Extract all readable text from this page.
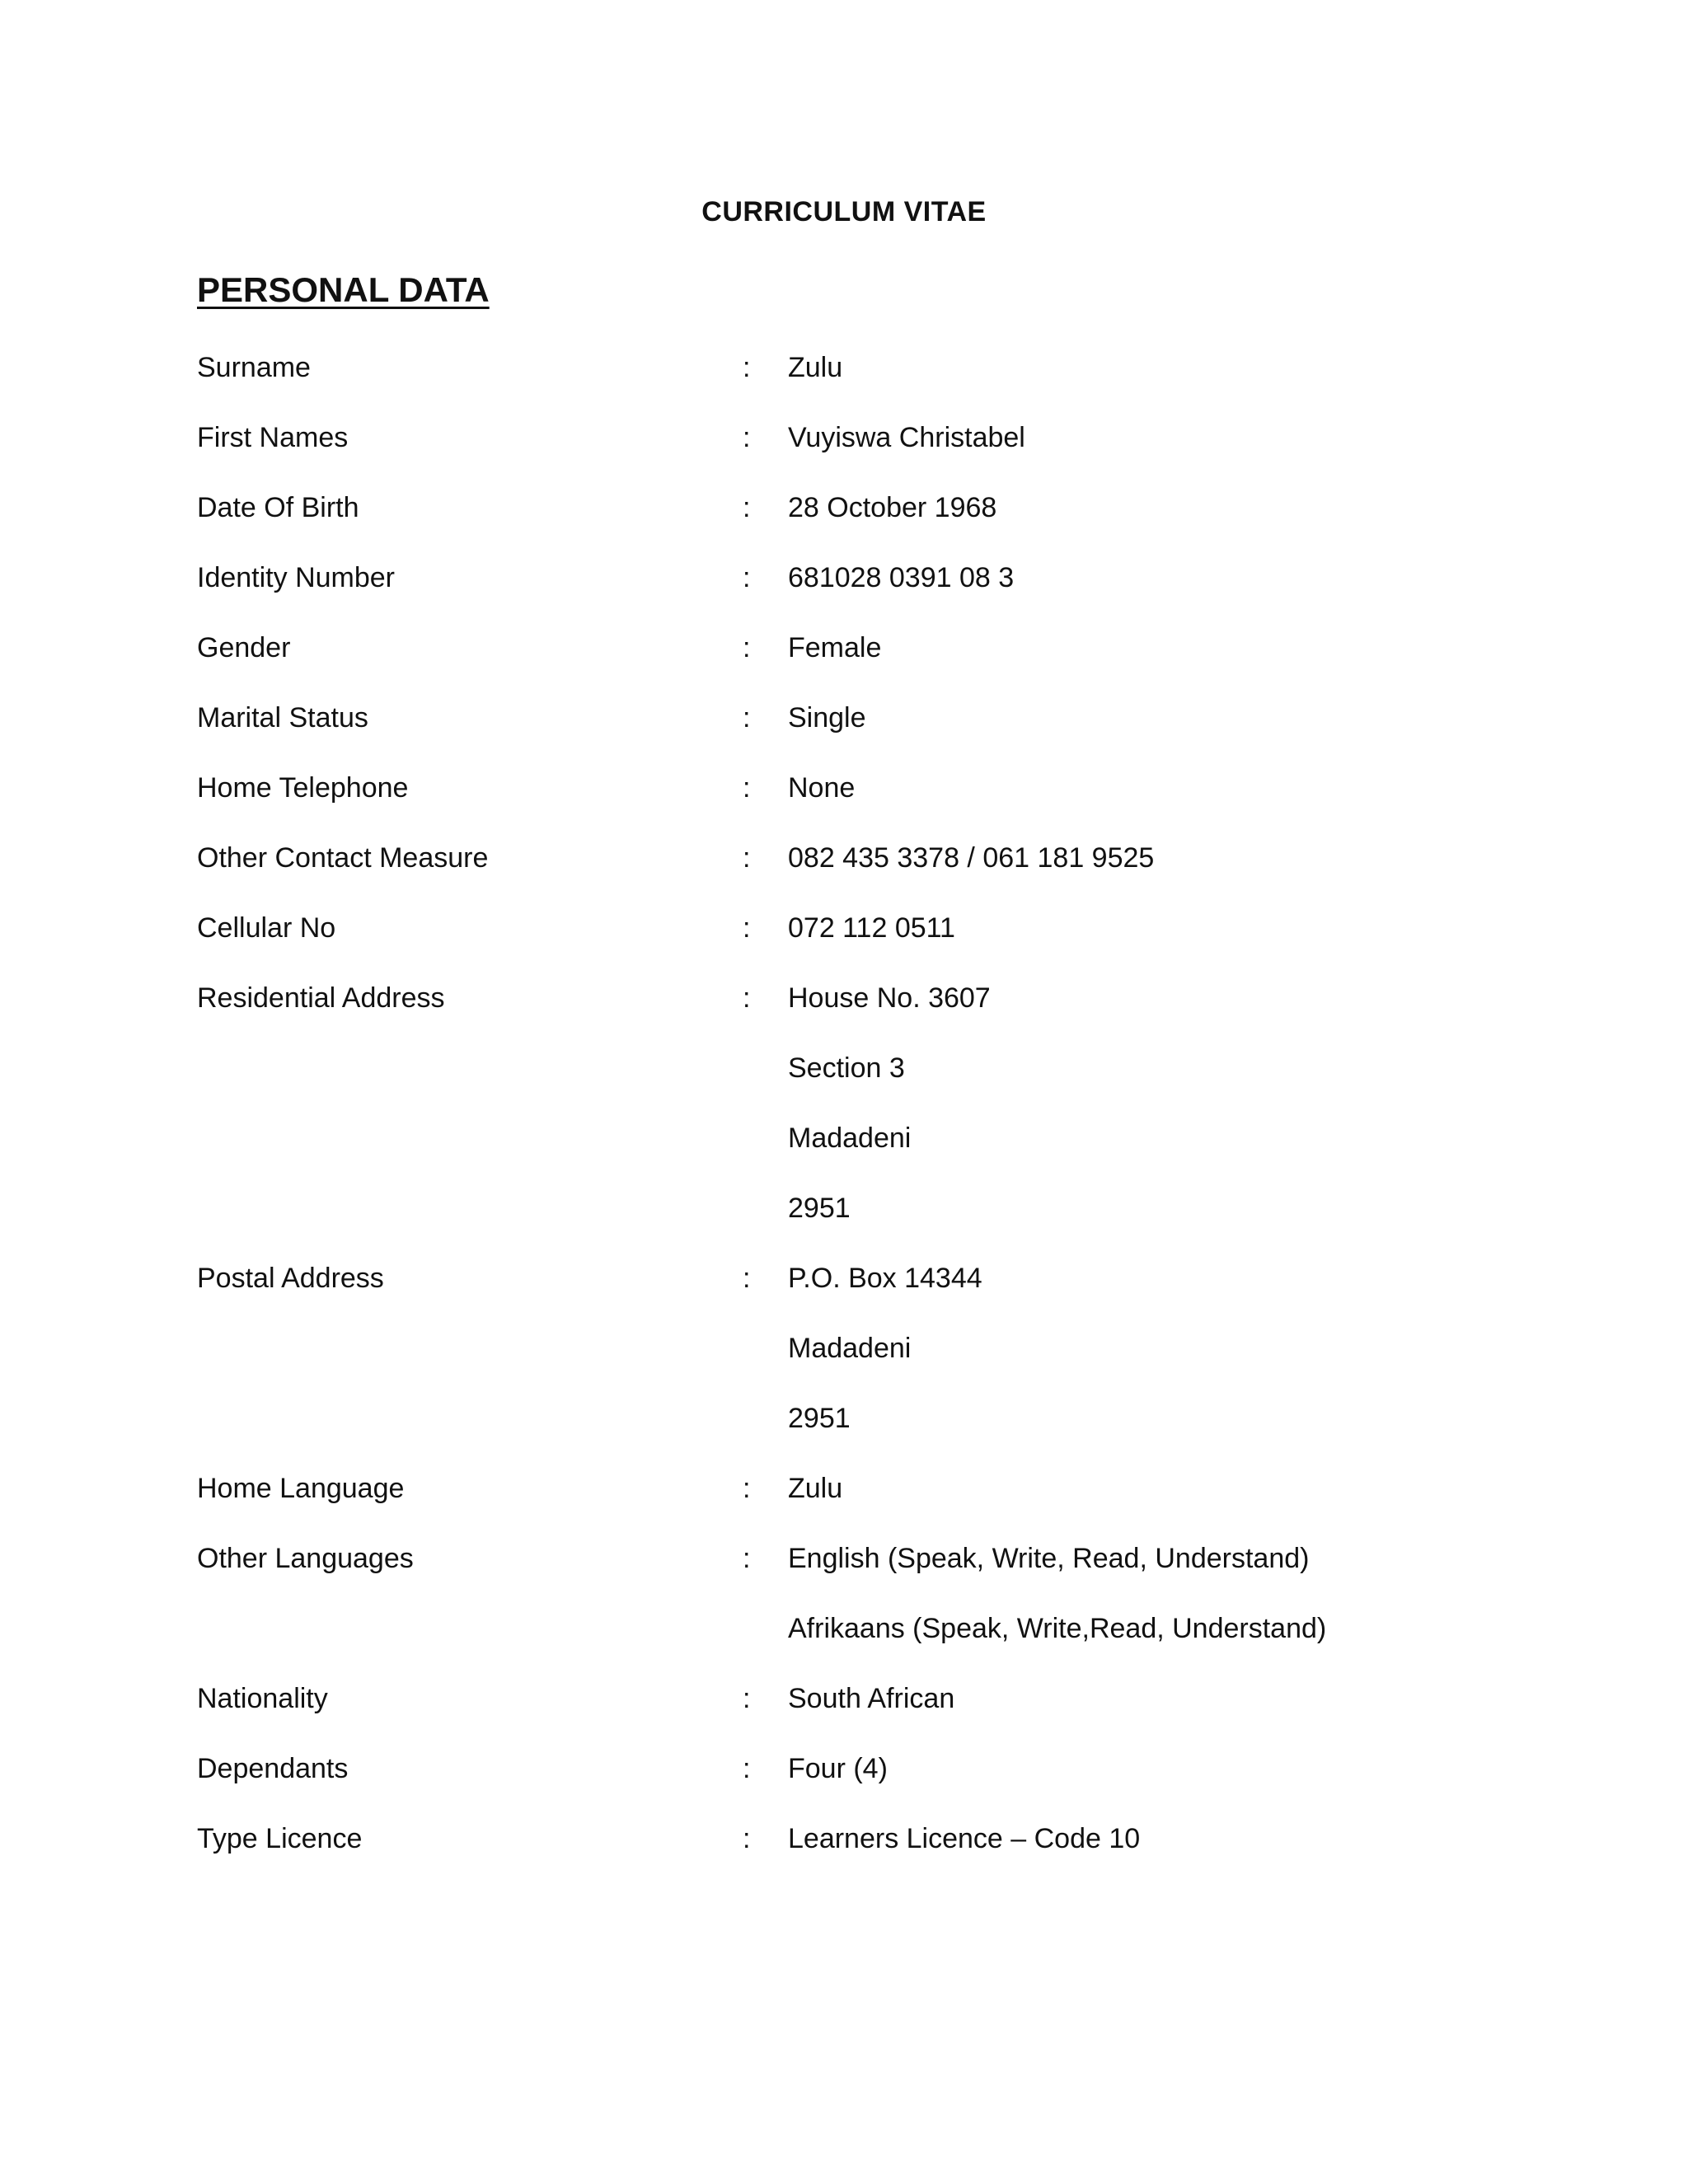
CURRICULUM VITAE
PERSONAL DATA
Surname	: Zulu
First Names	: Vuyiswa Christabel
Date Of Birth	: 28 October 1968
Identity Number	: 681028 0391 08 3
Gender	: Female
Marital Status	: Single
Home Telephone	: None
Other Contact Measure	: 082 435 3378 / 061 181 9525
Cellular No	: 072 112 0511
Residential Address	: House No. 3607
Section 3
Madadeni
2951
Postal Address	: P.O. Box 14344
Madadeni
2951
Home Language	: Zulu
Other Languages	: English (Speak, Write, Read, Understand)
Afrikaans (Speak, Write,Read, Understand)
Nationality	: South African
Dependants	: Four (4)
Type Licence	: Learners Licence – Code 10
